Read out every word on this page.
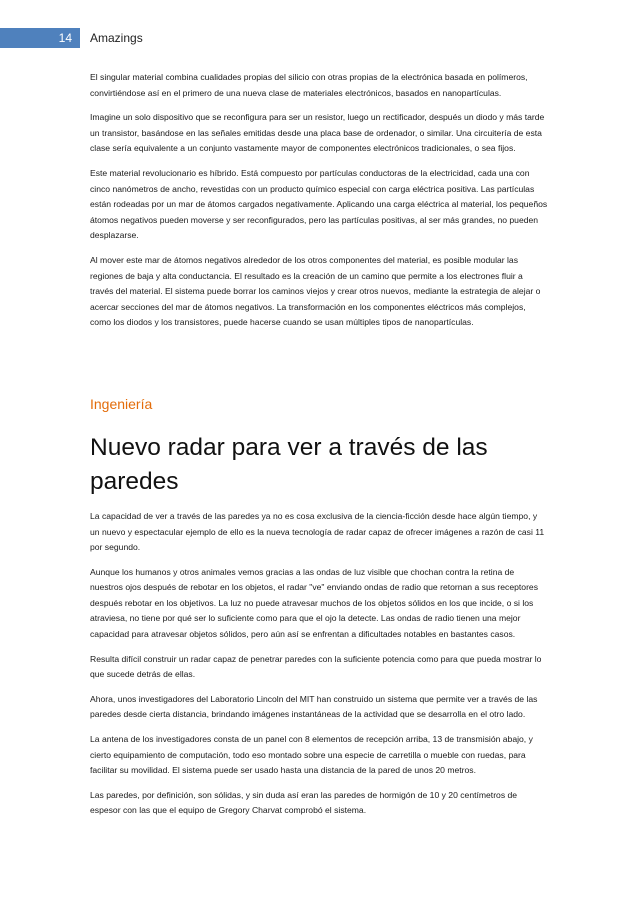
14	Amazings

El singular material combina cualidades propias del silicio con otras propias de la electrónica basada en polímeros, convirtiéndose así en el primero de una nueva clase de materiales electrónicos, basados en nanopartículas.

Imagine un solo dispositivo que se reconfigura para ser un resistor, luego un rectificador, después un diodo y más tarde un transistor, basándose en las señales emitidas desde una placa base de ordenador, o similar. Una circuitería de esta clase sería equivalente a un conjunto vastamente mayor de componentes electrónicos tradicionales, o sea fijos.

Este material revolucionario es híbrido. Está compuesto por partículas conductoras de la electricidad, cada una con cinco nanómetros de ancho, revestidas con un producto químico especial con carga eléctrica positiva. Las partículas están rodeadas por un mar de átomos cargados negativamente. Aplicando una carga eléctrica al material, los pequeños átomos negativos pueden moverse y ser reconfigurados, pero las partículas positivas, al ser más grandes, no pueden desplazarse.

Al mover este mar de átomos negativos alrededor de los otros componentes del material, es posible modular las regiones de baja y alta conductancia. El resultado es la creación de un camino que permite a los electrones fluir a través del material. El sistema puede borrar los caminos viejos y crear otros nuevos, mediante la estrategia de alejar o acercar secciones del mar de átomos negativos. La transformación en los componentes eléctricos más complejos, como los diodos y los transistores, puede hacerse cuando se usan múltiples tipos de nanopartículas.

Ingeniería
Nuevo radar para ver a través de las paredes

La capacidad de ver a través de las paredes ya no es cosa exclusiva de la ciencia-ficción desde hace algún tiempo, y un nuevo y espectacular ejemplo de ello es la nueva tecnología de radar capaz de ofrecer imágenes a razón de casi 11 por segundo.

Aunque los humanos y otros animales vemos gracias a las ondas de luz visible que chochan contra la retina de nuestros ojos después de rebotar en los objetos, el radar "ve" enviando ondas de radio que retornan a sus receptores después rebotar en los objetivos. La luz no puede atravesar muchos de los objetos sólidos en los que incide, o si los atraviesa, no tiene por qué ser lo suficiente como para que el ojo la detecte. Las ondas de radio tienen una mejor capacidad para atravesar objetos sólidos, pero aún así se enfrentan a dificultades notables en bastantes casos.

Resulta difícil construir un radar capaz de penetrar paredes con la suficiente potencia como para que pueda mostrar lo que sucede detrás de ellas.

Ahora, unos investigadores del Laboratorio Lincoln del MIT han construido un sistema que permite ver a través de las paredes desde cierta distancia, brindando imágenes instantáneas de la actividad que se desarrolla en el otro lado.

La antena de los investigadores consta de un panel con 8 elementos de recepción arriba, 13 de transmisión abajo, y cierto equipamiento de computación, todo eso montado sobre una especie de carretilla o mueble con ruedas, para facilitar su movilidad. El sistema puede ser usado hasta una distancia de la pared de unos 20 metros.

Las paredes, por definición, son sólidas, y sin duda así eran las paredes de hormigón de 10 y 20 centímetros de espesor con las que el equipo de Gregory Charvat comprobó el sistema.
